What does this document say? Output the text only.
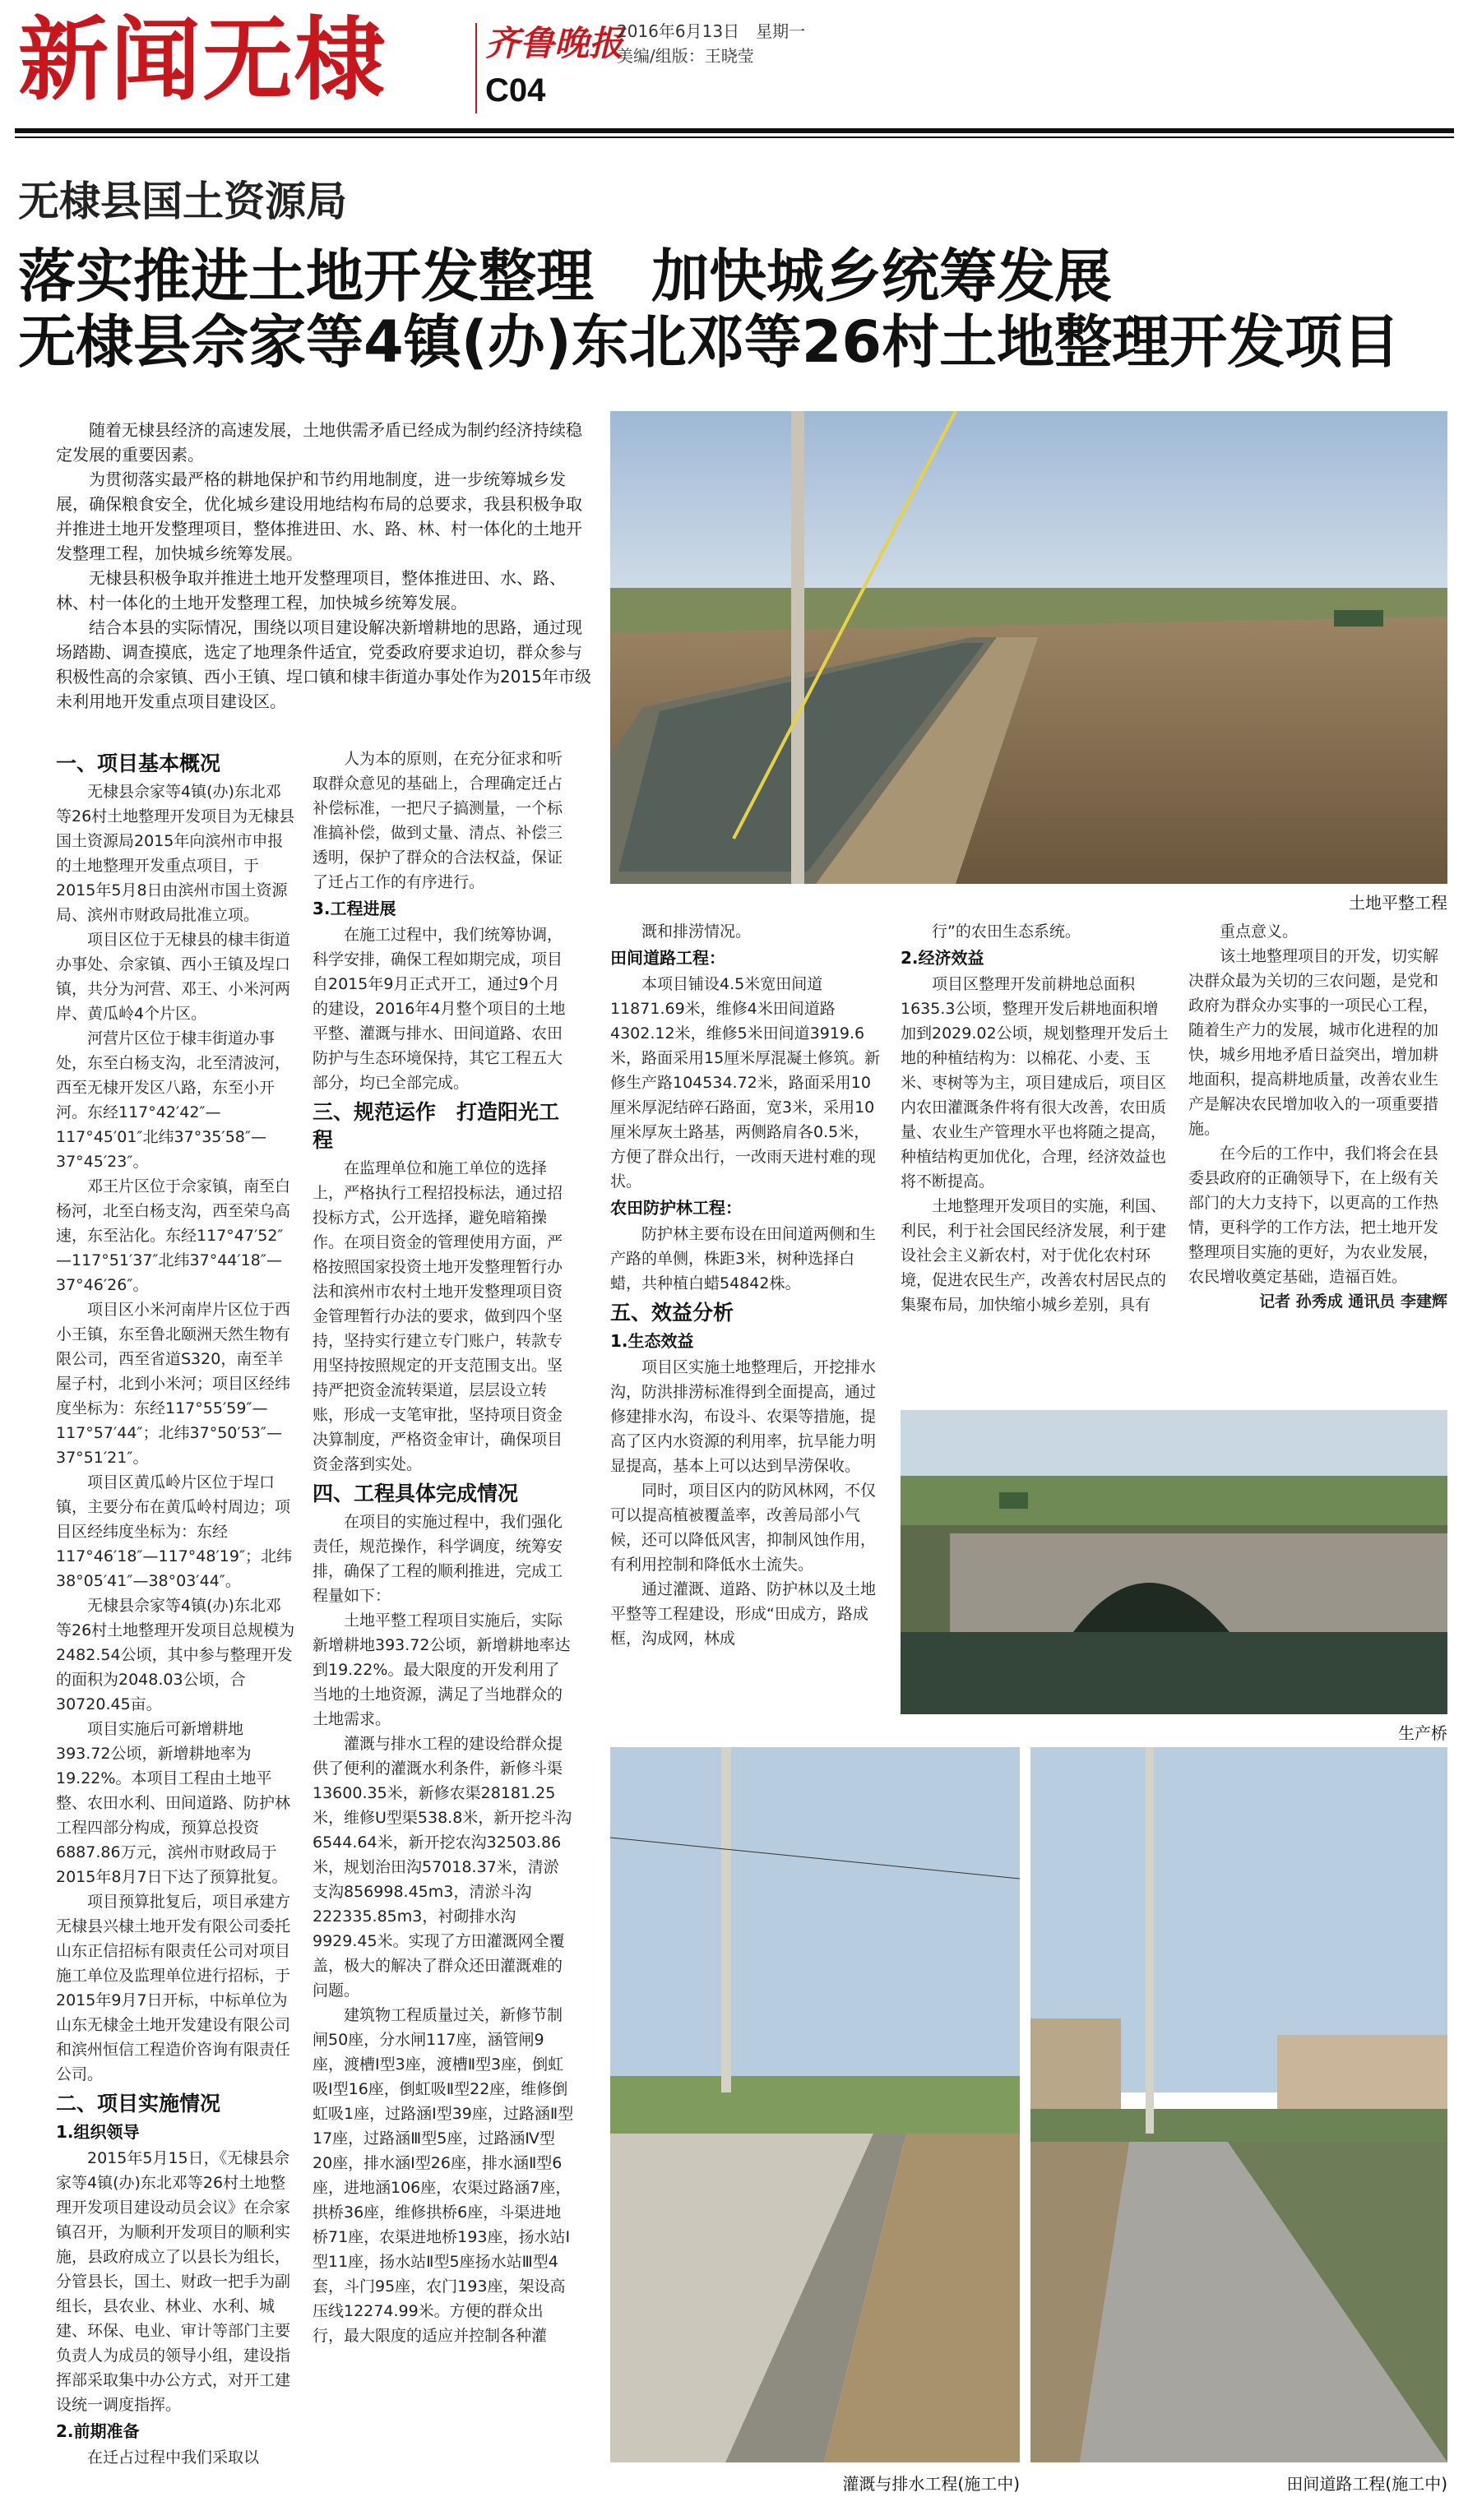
新闻无棣	齐鲁晚报
C04
2016年6月13日　星期一
美编/组版：王晓莹
无棣县国土资源局
落实推进土地开发整理　加快城乡统筹发展
无棣县佘家等4镇(办)东北邓等26村土地整理开发项目

随着无棣县经济的高速发展，土地供需矛盾已经成为制约经济持续稳定发展的重要因素。

为贯彻落实最严格的耕地保护和节约用地制度，进一步统筹城乡发展，确保粮食安全，优化城乡建设用地结构布局的总要求，我县积极争取并推进土地开发整理项目，整体推进田、水、路、林、村一体化的土地开发整理工程，加快城乡统筹发展。

无棣县积极争取并推进土地开发整理项目，整体推进田、水、路、林、村一体化的土地开发整理工程，加快城乡统筹发展。

结合本县的实际情况，围绕以项目建设解决新增耕地的思路，通过现场踏勘、调查摸底，选定了地理条件适宜，党委政府要求迫切，群众参与积极性高的佘家镇、西小王镇、埕口镇和棣丰街道办事处作为2015年市级未利用地开发重点项目建设区。

土地平整工程
生产桥
灌溉与排水工程(施工中)	田间道路工程(施工中)
一、项目基本概况

无棣县佘家等4镇(办)东北邓等26村土地整理开发项目为无棣县国土资源局2015年向滨州市申报的土地整理开发重点项目，于2015年5月8日由滨州市国土资源局、滨州市财政局批准立项。

项目区位于无棣县的棣丰街道办事处、佘家镇、西小王镇及埕口镇，共分为河营、邓王、小米河两岸、黄瓜岭4个片区。

河营片区位于棣丰街道办事处，东至白杨支沟，北至清波河，西至无棣开发区八路，东至小开河。东经117°42′42″—117°45′01″北纬37°35′58″—37°45′23″。

邓王片区位于佘家镇，南至白杨河，北至白杨支沟，西至荣乌高速，东至沾化。东经117°47′52″—117°51′37″北纬37°44′18″—37°46′26″。

项目区小米河南岸片区位于西小王镇，东至鲁北颐洲天然生物有限公司，西至省道S320，南至羊屋子村，北到小米河；项目区经纬度坐标为：东经117°55′59″—117°57′44″；北纬37°50′53″—37°51′21″。

项目区黄瓜岭片区位于埕口镇，主要分布在黄瓜岭村周边；项目区经纬度坐标为：东经117°46′18″—117°48′19″；北纬38°05′41″—38°03′44″。

无棣县佘家等4镇(办)东北邓等26村土地整理开发项目总规模为2482.54公顷，其中参与整理开发的面积为2048.03公顷，合30720.45亩。

项目实施后可新增耕地393.72公顷，新增耕地率为19.22%。本项目工程由土地平整、农田水利、田间道路、防护林工程四部分构成，预算总投资6887.86万元，滨州市财政局于2015年8月7日下达了预算批复。

项目预算批复后，项目承建方无棣县兴棣土地开发有限公司委托山东正信招标有限责任公司对项目施工单位及监理单位进行招标，于2015年9月7日开标，中标单位为山东无棣金土地开发建设有限公司和滨州恒信工程造价咨询有限责任公司。

二、项目实施情况
1.组织领导

2015年5月15日，《无棣县佘家等4镇(办)东北邓等26村土地整理开发项目建设动员会议》在佘家镇召开，为顺利开发项目的顺利实施，县政府成立了以县长为组长，分管县长，国土、财政一把手为副组长，县农业、林业、水利、城建、环保、电业、审计等部门主要负责人为成员的领导小组，建设指挥部采取集中办公方式，对开工建设统一调度指挥。

2.前期准备

在迁占过程中我们采取以

人为本的原则，在充分征求和听取群众意见的基础上，合理确定迁占补偿标准，一把尺子搞测量，一个标准搞补偿，做到丈量、清点、补偿三透明，保护了群众的合法权益，保证了迁占工作的有序进行。

3.工程进展

在施工过程中，我们统筹协调，科学安排，确保工程如期完成，项目自2015年9月正式开工，通过9个月的建设，2016年4月整个项目的土地平整、灌溉与排水、田间道路、农田防护与生态环境保持，其它工程五大部分，均已全部完成。

三、规范运作　打造阳光工程

在监理单位和施工单位的选择上，严格执行工程招投标法，通过招投标方式，公开选择，避免暗箱操作。在项目资金的管理使用方面，严格按照国家投资土地开发整理暂行办法和滨州市农村土地开发整理项目资金管理暂行办法的要求，做到四个坚持，坚持实行建立专门账户，转款专用坚持按照规定的开支范围支出。坚持严把资金流转渠道，层层设立转账，形成一支笔审批，坚持项目资金决算制度，严格资金审计，确保项目资金落到实处。

四、工程具体完成情况

在项目的实施过程中，我们强化责任，规范操作，科学调度，统筹安排，确保了工程的顺利推进，完成工程量如下：

土地平整工程项目实施后，实际新增耕地393.72公顷，新增耕地率达到19.22%。最大限度的开发利用了当地的土地资源，满足了当地群众的土地需求。

灌溉与排水工程的建设给群众提供了便利的灌溉水利条件，新修斗渠13600.35米，新修农渠28181.25米，维修U型渠538.8米，新开挖斗沟6544.64米，新开挖农沟32503.86米，规划治田沟57018.37米，清淤支沟856998.45m3，清淤斗沟222335.85m3，衬砌排水沟9929.45米。实现了方田灌溉网全覆盖，极大的解决了群众还田灌溉难的问题。

建筑物工程质量过关，新修节制闸50座，分水闸117座，涵管闸9座，渡槽Ⅰ型3座，渡槽Ⅱ型3座，倒虹吸Ⅰ型16座，倒虹吸Ⅱ型22座，维修倒虹吸1座，过路涵Ⅰ型39座，过路涵Ⅱ型17座，过路涵Ⅲ型5座，过路涵Ⅳ型20座，排水涵Ⅰ型26座，排水涵Ⅱ型6座，进地涵106座，农渠过路涵7座，拱桥36座，维修拱桥6座，斗渠进地桥71座，农渠进地桥193座，扬水站Ⅰ型11座，扬水站Ⅱ型5座扬水站Ⅲ型4套，斗门95座，农门193座，架设高压线12274.99米。方便的群众出行，最大限度的适应并控制各种灌

溉和排涝情况。

田间道路工程：

本项目铺设4.5米宽田间道11871.69米，维修4米田间道路4302.12米，维修5米田间道3919.6米，路面采用15厘米厚混凝土修筑。新修生产路104534.72米，路面采用10厘米厚泥结碎石路面，宽3米，采用10厘米厚灰土路基，两侧路肩各0.5米，方便了群众出行，一改雨天进村难的现状。

农田防护林工程：

防护林主要布设在田间道两侧和生产路的单侧，株距3米，树种选择白蜡，共种植白蜡54842株。

五、效益分析
1.生态效益

项目区实施土地整理后，开挖排水沟，防洪排涝标准得到全面提高，通过修建排水沟，布设斗、农渠等措施，提高了区内水资源的利用率，抗旱能力明显提高，基本上可以达到旱涝保收。

同时，项目区内的防风林网，不仅可以提高植被覆盖率，改善局部小气候，还可以降低风害，抑制风蚀作用，有利用控制和降低水土流失。

通过灌溉、道路、防护林以及土地平整等工程建设，形成“田成方，路成框，沟成网，林成

行”的农田生态系统。

2.经济效益

项目区整理开发前耕地总面积1635.3公顷，整理开发后耕地面积增加到2029.02公顷，规划整理开发后土地的种植结构为：以棉花、小麦、玉米、枣树等为主，项目建成后，项目区内农田灌溉条件将有很大改善，农田质量、农业生产管理水平也将随之提高，种植结构更加优化，合理，经济效益也将不断提高。

土地整理开发项目的实施，利国、利民，利于社会国民经济发展，利于建设社会主义新农村，对于优化农村环境，促进农民生产，改善农村居民点的集聚布局，加快缩小城乡差别，具有

重点意义。

该土地整理项目的开发，切实解决群众最为关切的三农问题，是党和政府为群众办实事的一项民心工程，随着生产力的发展，城市化进程的加快，城乡用地矛盾日益突出，增加耕地面积，提高耕地质量，改善农业生产是解决农民增加收入的一项重要措施。

在今后的工作中，我们将会在县委县政府的正确领导下，在上级有关部门的大力支持下，以更高的工作热情，更科学的工作方法，把土地开发整理项目实施的更好，为农业发展，农民增收奠定基础，造福百姓。

记者 孙秀成 通讯员 李建辉
